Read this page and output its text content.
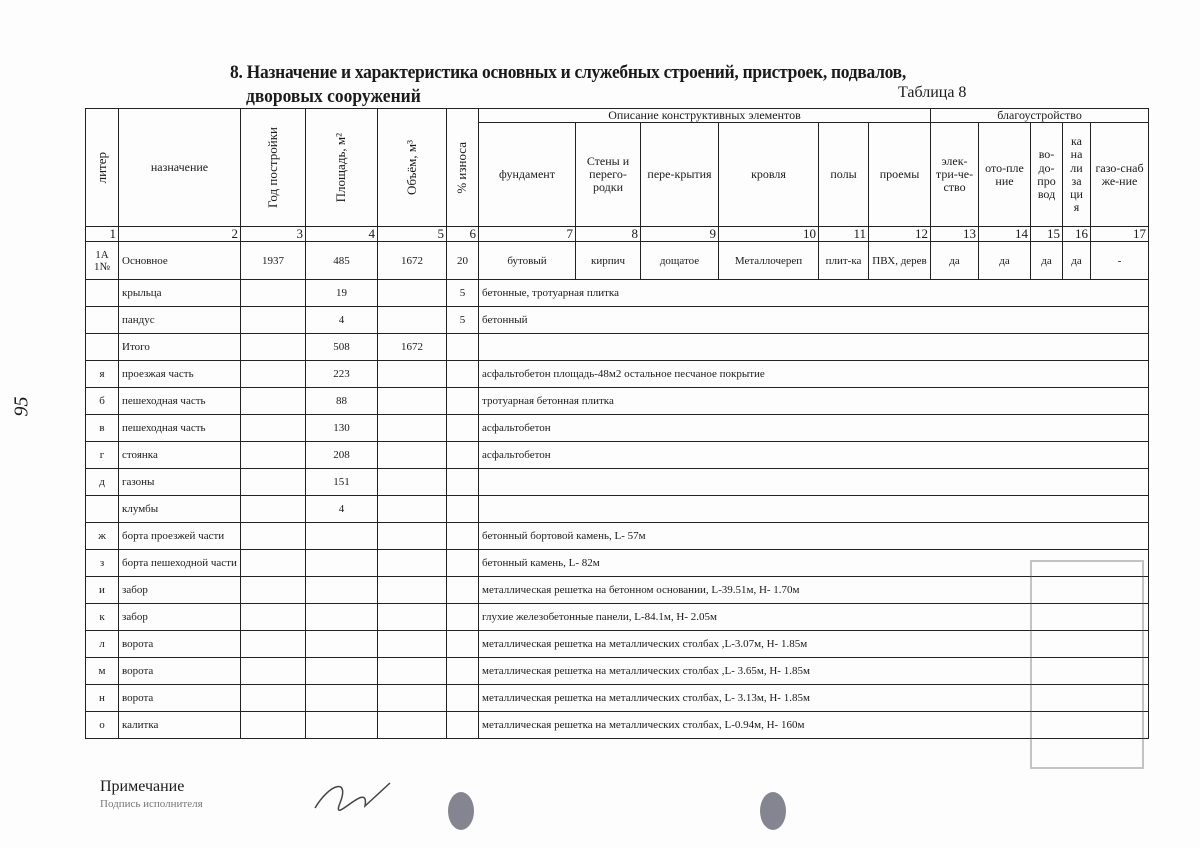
8. Назначение и характеристика основных и служебных строений, пристроек, подвалов,
дворовых сооружений	Таблица 8
95
литер	назначение	Год постройки	Площадь, м²	Объём, м³	% износа	Описание конструктивных элементов						благоустройство				
						фундамент	Стены и перего-родки	пере-крытия	кровля	полы	проемы	элек-три-че-ство	ото-пле ние	во-до-про вод	ка на ли за ци я	газо-снаб же-ние
1	2	3	4	5	6	7	8	9	10	11	12	13	14	15	16	17
1А 1№	Основное	1937	485	1672	20	бутовый	кирпич	дощатое	Металлочереп	плит-ка	ПВХ, дерев	да	да	да	да	-
	крыльца		19		5	бетонные, тротуарная плитка										
	пандус		4		5	бетонный										
	Итого		508	1672												
я	проезжая часть		223			асфальтобетон площадь-48м2 остальное песчаное покрытие										
б	пешеходная часть		88			тротуарная бетонная плитка										
в	пешеходная часть		130			асфальтобетон										
г	стоянка		208			асфальтобетон										
д	газоны		151													
	клумбы		4													
ж	борта проезжей части					бетонный бортовой камень, L- 57м										
з	борта пешеходной части					бетонный камень, L- 82м										
и	забор					металлическая решетка на бетонном основании, L-39.51м, H- 1.70м										
к	забор					глухие железобетонные панели, L-84.1м, H- 2.05м										
л	ворота					металлическая решетка на металлических столбах ,L-3.07м, H- 1.85м										
м	ворота					металлическая решетка на металлических столбах ,L- 3.65м, H- 1.85м										
н	ворота					металлическая решетка на металлических столбах, L- 3.13м, H- 1.85м										
о	калитка					металлическая решетка на металлических столбах, L-0.94м, H- 160м										
Примечание
Подпись исполнителя
